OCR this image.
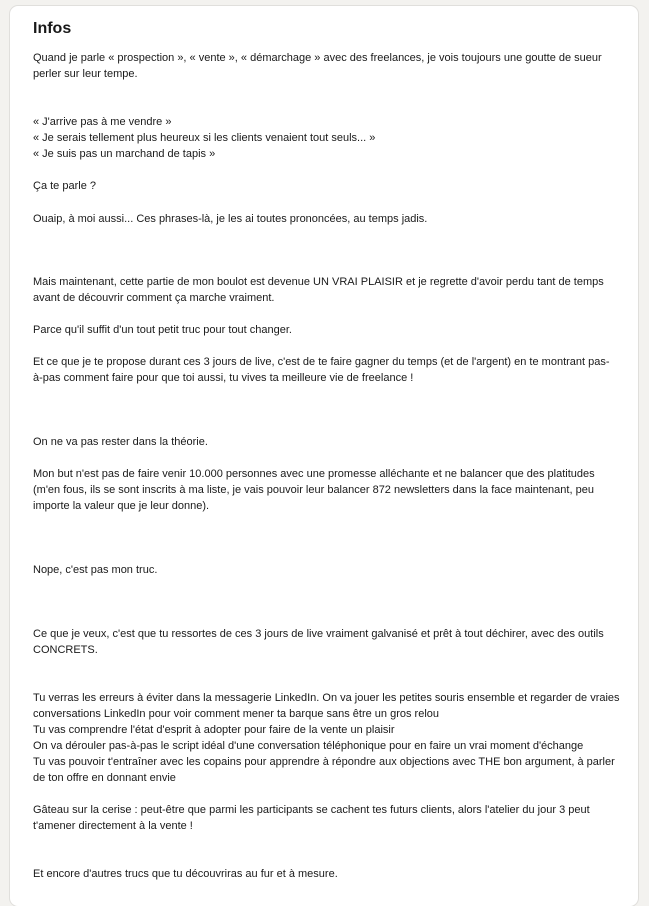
Infos
Quand je parle « prospection », « vente », « démarchage » avec des freelances, je vois toujours une goutte de sueur
perler sur leur tempe.
« J'arrive pas à me vendre »
« Je serais tellement plus heureux si les clients venaient tout seuls... »
« Je suis pas un marchand de tapis »
Ça te parle ?
Ouaip, à moi aussi... Ces phrases-là, je les ai toutes prononcées, au temps jadis.
Mais maintenant, cette partie de mon boulot est devenue UN VRAI PLAISIR et je regrette d'avoir perdu tant de temps
avant de découvrir comment ça marche vraiment.
Parce qu'il suffit d'un tout petit truc pour tout changer.
Et ce que je te propose durant ces 3 jours de live, c'est de te faire gagner du temps (et de l'argent) en te montrant pas-
à-pas comment faire pour que toi aussi, tu vives ta meilleure vie de freelance !
On ne va pas rester dans la théorie.
Mon but n'est pas de faire venir 10.000 personnes avec une promesse alléchante et ne balancer que des platitudes
(m'en fous, ils se sont inscrits à ma liste, je vais pouvoir leur balancer 872 newsletters dans la face maintenant, peu
importe la valeur que je leur donne).
Nope, c'est pas mon truc.
Ce que je veux, c'est que tu ressortes de ces 3 jours de live vraiment galvanisé et prêt à tout déchirer, avec des outils
CONCRETS.
Tu verras les erreurs à éviter dans la messagerie LinkedIn. On va jouer les petites souris ensemble et regarder de vraies
conversations LinkedIn pour voir comment mener ta barque sans être un gros relou
Tu vas comprendre l'état d'esprit à adopter pour faire de la vente un plaisir
On va dérouler pas-à-pas le script idéal d'une conversation téléphonique pour en faire un vrai moment d'échange
Tu vas pouvoir t'entraîner avec les copains pour apprendre à répondre aux objections avec THE bon argument, à parler
de ton offre en donnant envie
Gâteau sur la cerise : peut-être que parmi les participants se cachent tes futurs clients, alors l'atelier du jour 3 peut
t'amener directement à la vente !
Et encore d'autres trucs que tu découvriras au fur et à mesure.
